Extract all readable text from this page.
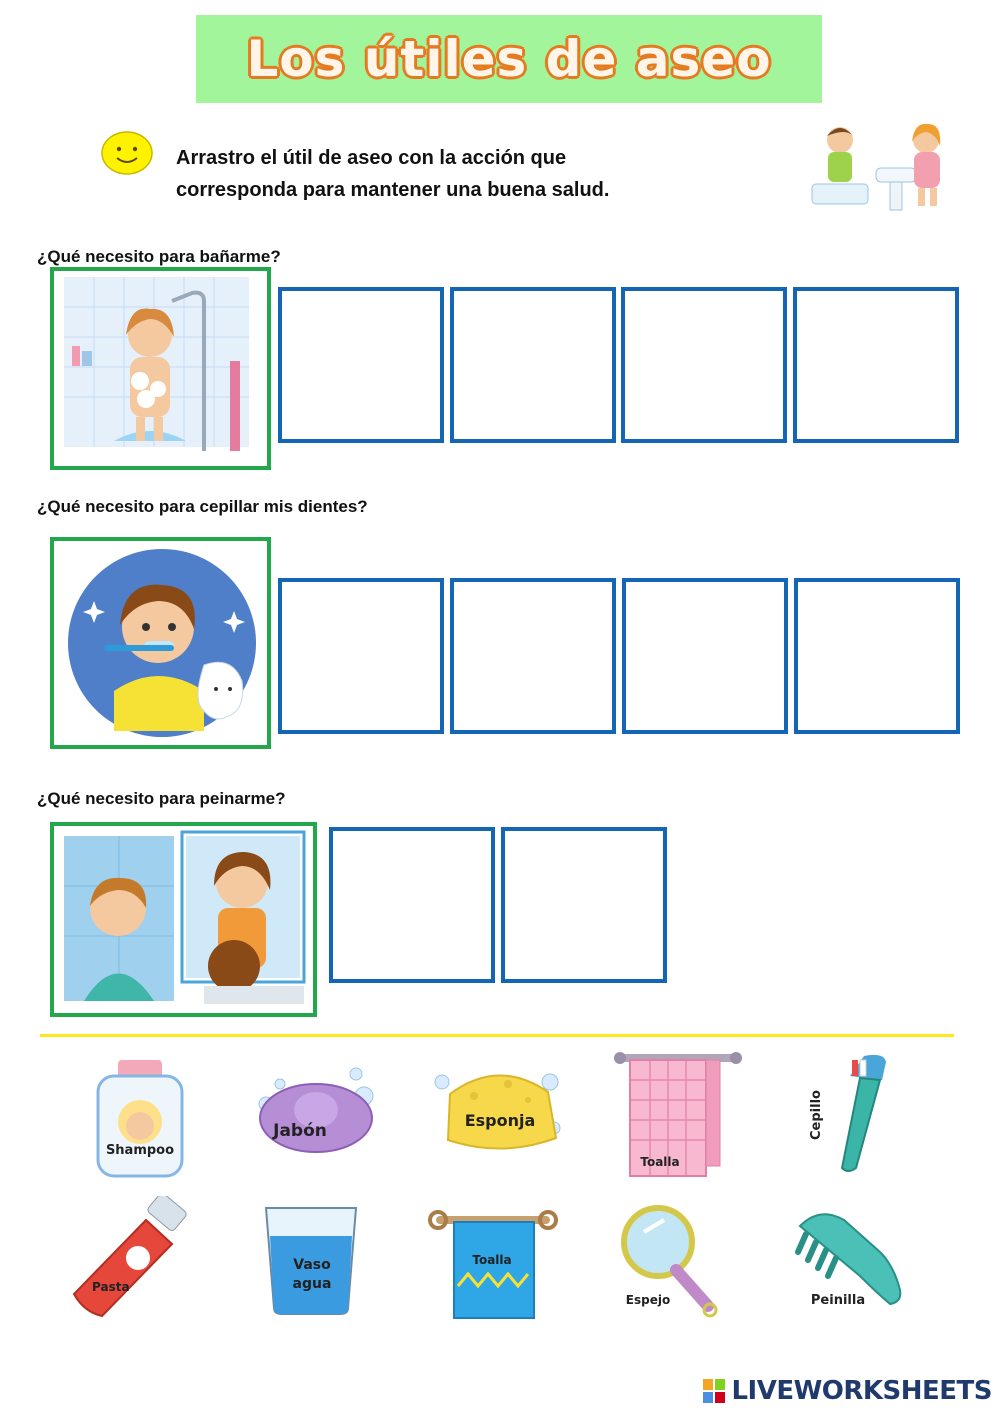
Los útiles de aseo
Arrastro el útil de aseo con la acción que
corresponda para mantener una buena salud.
¿Qué necesito para bañarme?
¿Qué necesito para cepillar mis dientes?
¿Qué necesito para peinarme?
Shampoo
Jabón
Esponja
Toalla
Cepillo
Pasta
Vaso
agua
Toalla
Espejo	Peinilla
LIVEWORKSHEETS
